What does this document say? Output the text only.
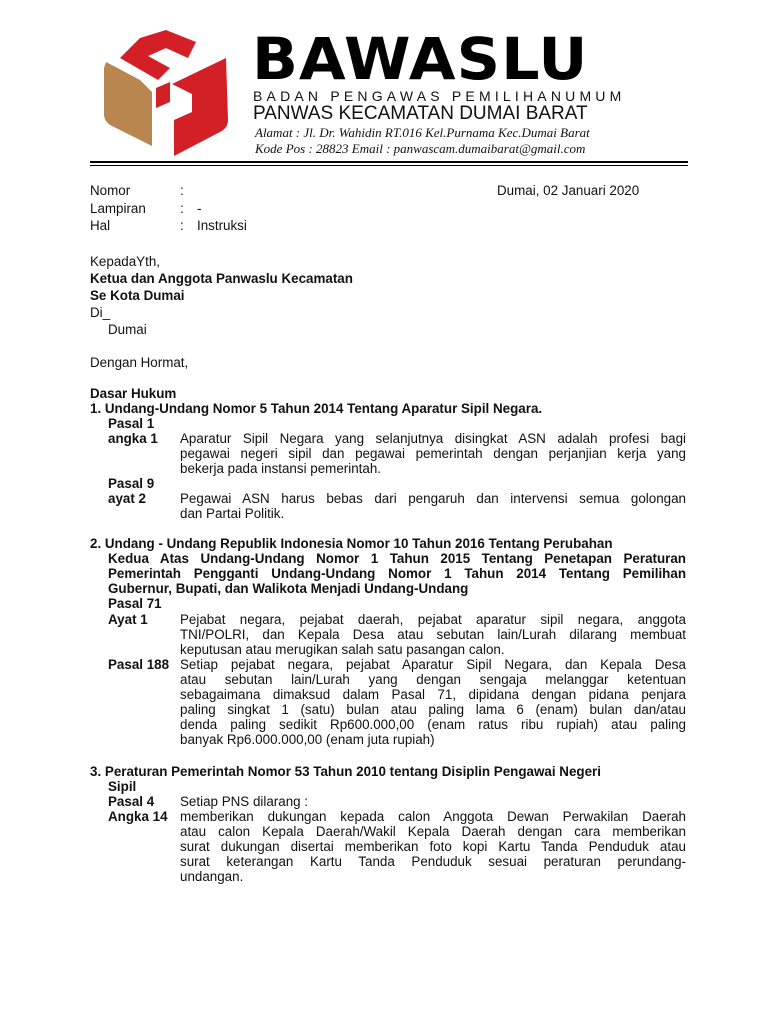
BAWASLU
BADAN PENGAWAS PEMILIHANUMUM
PANWAS KECAMATAN DUMAI BARAT
Alamat : Jl. Dr. Wahidin RT.016 Kel.Purnama Kec.Dumai Barat
Kode Pos : 28823 Email : panwascam.dumaibarat@gmail.com
Nomor	:	Dumai, 02 Januari 2020
Lampiran	: -
Hal	: Instruksi
KepadaYth,
Ketua dan Anggota Panwaslu Kecamatan
Se Kota Dumai
Di_
Dumai
Dengan Hormat,
Dasar Hukum
1. Undang-Undang Nomor 5 Tahun 2014 Tentang Aparatur Sipil Negara.
Pasal 1
angka 1 Aparatur Sipil Negara yang selanjutnya disingkat ASN adalah profesi bagi
pegawai negeri sipil dan pegawai pemerintah dengan perjanjian kerja yang
bekerja pada instansi pemerintah.
Pasal 9
ayat 2	Pegawai ASN harus bebas dari pengaruh dan intervensi semua golongan
dan Partai Politik.
2. Undang - Undang Republik Indonesia Nomor 10 Tahun 2016 Tentang Perubahan
Kedua Atas Undang-Undang Nomor 1 Tahun 2015 Tentang Penetapan Peraturan
Pemerintah Pengganti Undang-Undang Nomor 1 Tahun 2014 Tentang Pemilihan
Gubernur, Bupati, dan Walikota Menjadi Undang-Undang
Pasal 71
Ayat 1 Pejabat negara, pejabat daerah, pejabat aparatur sipil negara, anggota
TNI/POLRI, dan Kepala Desa atau sebutan lain/Lurah dilarang membuat
keputusan atau merugikan salah satu pasangan calon.
Pasal 188 Setiap pejabat negara, pejabat Aparatur Sipil Negara, dan Kepala Desa
atau sebutan lain/Lurah yang dengan sengaja melanggar ketentuan
sebagaimana dimaksud dalam Pasal 71, dipidana dengan pidana penjara
paling singkat 1 (satu) bulan atau paling lama 6 (enam) bulan dan/atau
denda paling sedikit Rp600.000,00 (enam ratus ribu rupiah) atau paling
banyak Rp6.000.000,00 (enam juta rupiah)
3. Peraturan Pemerintah Nomor 53 Tahun 2010 tentang Disiplin Pengawai Negeri
Sipil
Pasal 4 Setiap PNS dilarang :
Angka 14 memberikan dukungan kepada calon Anggota Dewan Perwakilan Daerah
atau calon Kepala Daerah/Wakil Kepala Daerah dengan cara memberikan
surat dukungan disertai memberikan foto kopi Kartu Tanda Penduduk atau
surat keterangan Kartu Tanda Penduduk sesuai peraturan perundang-
undangan.
